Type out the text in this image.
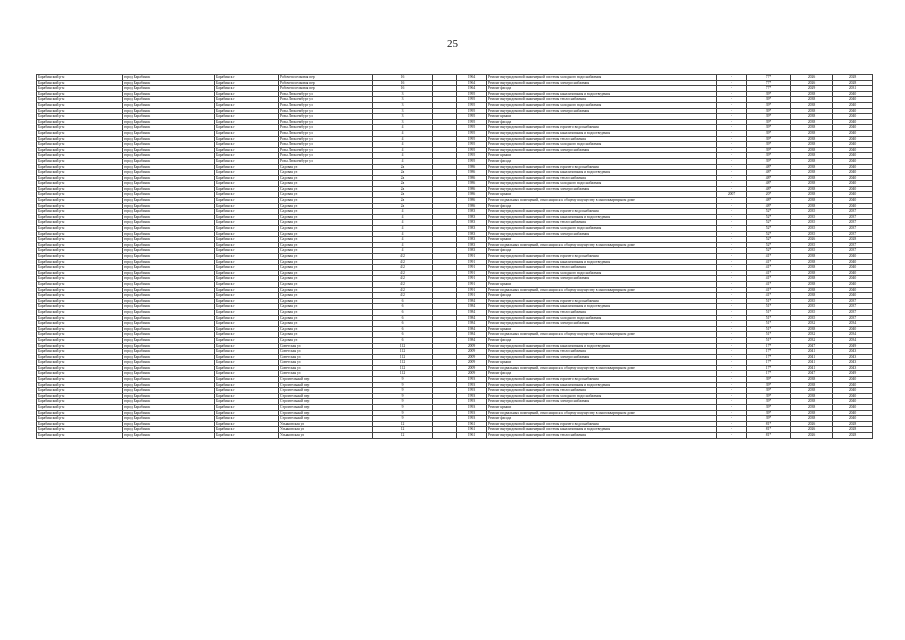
25
Барабинский р-н	город Барабинск	Барабинск г	Рабочепоселковая пер	16		1964	Ремонт внутридомовой инженерной системы холодного водоснабжения	-	77*	2026	2028
Барабинский р-н	город Барабинск	Барабинск г	Рабочепоселковая пер	16		1964	Ремонт внутридомовой инженерной системы электроснабжения	-	77*	2026	2028
Барабинский р-н	город Барабинск	Барабинск г	Рабочепоселковая пер	16		1964	Ремонт фасада	-	77*	2029	2031
Барабинский р-н	город Барабинск	Барабинск г	Розы Люксембург ул	3		1995	Ремонт внутридомовой инженерной системы канализования и водоотведения	-	39*	2038	2040
Барабинский р-н	город Барабинск	Барабинск г	Розы Люксембург ул	3		1995	Ремонт внутридомовой инженерной системы теплоснабжения	-	39*	2038	2040
Барабинский р-н	город Барабинск	Барабинск г	Розы Люксембург ул	3		1995	Ремонт внутридомовой инженерной системы холодного водоснабжения	-	39*	2038	2040
Барабинский р-н	город Барабинск	Барабинск г	Розы Люксембург ул	3		1995	Ремонт внутридомовой инженерной системы электроснабжения	-	39*	2038	2040
Барабинский р-н	город Барабинск	Барабинск г	Розы Люксембург ул	3		1995	Ремонт крыши	-	39*	2038	2040
Барабинский р-н	город Барабинск	Барабинск г	Розы Люксембург ул	3		1995	Ремонт фасада	-	39*	2038	2040
Барабинский р-н	город Барабинск	Барабинск г	Розы Люксембург ул	4		1995	Ремонт внутридомовой инженерной системы горячего водоснабжения	-	39*	2038	2040
Барабинский р-н	город Барабинск	Барабинск г	Розы Люксембург ул	4		1995	Ремонт внутридомовой инженерной системы канализования и водоотведения	-	39*	2038	2040
Барабинский р-н	город Барабинск	Барабинск г	Розы Люксембург ул	4		1995	Ремонт внутридомовой инженерной системы теплоснабжения	-	39*	2038	2040
Барабинский р-н	город Барабинск	Барабинск г	Розы Люксембург ул	4		1995	Ремонт внутридомовой инженерной системы холодного водоснабжения	-	39*	2038	2040
Барабинский р-н	город Барабинск	Барабинск г	Розы Люксембург ул	4		1995	Ремонт внутридомовой инженерной системы электроснабжения	-	39*	2038	2040
Барабинский р-н	город Барабинск	Барабинск г	Розы Люксембург ул	4		1995	Ремонт крыши	-	39*	2038	2040
Барабинский р-н	город Барабинск	Барабинск г	Розы Люксембург ул	4		1995	Ремонт фасада	-	39*	2038	2040
Барабинский р-н	город Барабинск	Барабинск г	Садовая ул	2а		1986	Ремонт внутридомовой инженерной системы горячего водоснабжения	-	48*	2038	2040
Барабинский р-н	город Барабинск	Барабинск г	Садовая ул	2а		1986	Ремонт внутридомовой инженерной системы канализования и водоотведения	-	48*	2038	2040
Барабинский р-н	город Барабинск	Барабинск г	Садовая ул	2а		1986	Ремонт внутридомовой инженерной системы теплоснабжения	-	48*	2038	2040
Барабинский р-н	город Барабинск	Барабинск г	Садовая ул	2а		1986	Ремонт внутридомовой инженерной системы холодного водоснабжения	-	48*	2038	2040
Барабинский р-н	город Барабинск	Барабинск г	Садовая ул	2а		1986	Ремонт внутридомовой инженерной системы электроснабжения	-	48*	2038	2040
Барабинский р-н	город Барабинск	Барабинск г	Садовая ул	2а		1986	Ремонт крыши	2007	20*	2038	2040
Барабинский р-н	город Барабинск	Барабинск г	Садовая ул	2а		1986	Ремонт подвальных помещений, относящихся к общему имуществу в многоквартирном доме	-	48*	2038	2040
Барабинский р-н	город Барабинск	Барабинск г	Садовая ул	2а		1986	Ремонт фасада	-	48*	2038	2040
Барабинский р-н	город Барабинск	Барабинск г	Садовая ул	4		1983	Ремонт внутридомовой инженерной системы горячего водоснабжения	-	52*	2035	2037
Барабинский р-н	город Барабинск	Барабинск г	Садовая ул	4		1983	Ремонт внутридомовой инженерной системы канализования и водоотведения	-	52*	2035	2037
Барабинский р-н	город Барабинск	Барабинск г	Садовая ул	4		1983	Ремонт внутридомовой инженерной системы теплоснабжения	-	52*	2035	2037
Барабинский р-н	город Барабинск	Барабинск г	Садовая ул	4		1983	Ремонт внутридомовой инженерной системы холодного водоснабжения	-	52*	2035	2037
Барабинский р-н	город Барабинск	Барабинск г	Садовая ул	4		1983	Ремонт внутридомовой инженерной системы электроснабжения	-	52*	2035	2037
Барабинский р-н	город Барабинск	Барабинск г	Садовая ул	4		1983	Ремонт крыши	-	52*	2026	2028
Барабинский р-н	город Барабинск	Барабинск г	Садовая ул	4		1983	Ремонт подвальных помещений, относящихся к общему имуществу в многоквартирном доме	-	52*	2035	2037
Барабинский р-н	город Барабинск	Барабинск г	Садовая ул	4		1983	Ремонт фасада	-	52*	2035	2037
Барабинский р-н	город Барабинск	Барабинск г	Садовая ул	4/2		1991	Ремонт внутридомовой инженерной системы горячего водоснабжения	-	41*	2038	2040
Барабинский р-н	город Барабинск	Барабинск г	Садовая ул	4/2		1991	Ремонт внутридомовой инженерной системы канализования и водоотведения	-	41*	2038	2040
Барабинский р-н	город Барабинск	Барабинск г	Садовая ул	4/2		1991	Ремонт внутридомовой инженерной системы теплоснабжения	-	41*	2038	2040
Барабинский р-н	город Барабинск	Барабинск г	Садовая ул	4/2		1991	Ремонт внутридомовой инженерной системы холодного водоснабжения	-	41*	2038	2040
Барабинский р-н	город Барабинск	Барабинск г	Садовая ул	4/2		1991	Ремонт внутридомовой инженерной системы электроснабжения	-	41*	2038	2040
Барабинский р-н	город Барабинск	Барабинск г	Садовая ул	4/2		1991	Ремонт крыши	-	41*	2038	2040
Барабинский р-н	город Барабинск	Барабинск г	Садовая ул	4/2		1991	Ремонт подвальных помещений, относящихся к общему имуществу в многоквартирном доме	-	41*	2038	2040
Барабинский р-н	город Барабинск	Барабинск г	Садовая ул	4/2		1991	Ремонт фасада	-	41*	2038	2040
Барабинский р-н	город Барабинск	Барабинск г	Садовая ул	6		1984	Ремонт внутридомовой инженерной системы горячего водоснабжения	-	51*	2035	2037
Барабинский р-н	город Барабинск	Барабинск г	Садовая ул	6		1984	Ремонт внутридомовой инженерной системы канализования и водоотведения	-	51*	2035	2037
Барабинский р-н	город Барабинск	Барабинск г	Садовая ул	6		1984	Ремонт внутридомовой инженерной системы теплоснабжения	-	51*	2035	2037
Барабинский р-н	город Барабинск	Барабинск г	Садовая ул	6		1984	Ремонт внутридомовой инженерной системы холодного водоснабжения	-	51*	2035	2037
Барабинский р-н	город Барабинск	Барабинск г	Садовая ул	6		1984	Ремонт внутридомовой инженерной системы электроснабжения	-	51*	2032	2034
Барабинский р-н	город Барабинск	Барабинск г	Садовая ул	6		1984	Ремонт крыши	-	51*	2038	2040
Барабинский р-н	город Барабинск	Барабинск г	Садовая ул	6		1984	Ремонт подвальных помещений, относящихся к общему имуществу в многоквартирном доме	-	51*	2032	2034
Барабинский р-н	город Барабинск	Барабинск г	Садовая ул	6		1984	Ремонт фасада	-	51*	2032	2034
Барабинский р-н	город Барабинск	Барабинск г	Советская ул	112		2009	Ремонт внутридомовой инженерной системы канализования и водоотведения	-	17*	2047	2049
Барабинский р-н	город Барабинск	Барабинск г	Советская ул	112		2009	Ремонт внутридомовой инженерной системы теплоснабжения	-	17*	2041	2043
Барабинский р-н	город Барабинск	Барабинск г	Советская ул	112		2009	Ремонт внутридомовой инженерной системы электроснабжения	-	17*	2041	2043
Барабинский р-н	город Барабинск	Барабинск г	Советская ул	112		2009	Ремонт крыши	-	17*	2041	2043
Барабинский р-н	город Барабинск	Барабинск г	Советская ул	112		2009	Ремонт подвальных помещений, относящихся к общему имуществу в многоквартирном доме	-	17*	2041	2043
Барабинский р-н	город Барабинск	Барабинск г	Советская ул	112		2009	Ремонт фасада	-	17*	2047	2049
Барабинский р-н	город Барабинск	Барабинск г	Строительный пер	9		1993	Ремонт внутридомовой инженерной системы горячего водоснабжения	-	39*	2038	2040
Барабинский р-н	город Барабинск	Барабинск г	Строительный пер	9		1993	Ремонт внутридомовой инженерной системы канализования и водоотведения	-	39*	2038	2040
Барабинский р-н	город Барабинск	Барабинск г	Строительный пер	9		1993	Ремонт внутридомовой инженерной системы теплоснабжения	-	39*	2038	2040
Барабинский р-н	город Барабинск	Барабинск г	Строительный пер	9		1993	Ремонт внутридомовой инженерной системы холодного водоснабжения	-	39*	2038	2040
Барабинский р-н	город Барабинск	Барабинск г	Строительный пер	9		1993	Ремонт внутридомовой инженерной системы электроснабжения	-	39*	2038	2040
Барабинский р-н	город Барабинск	Барабинск г	Строительный пер	9		1993	Ремонт крыши	-	39*	2038	2040
Барабинский р-н	город Барабинск	Барабинск г	Строительный пер	9		1993	Ремонт подвальных помещений, относящихся к общему имуществу в многоквартирном доме	-	39*	2038	2040
Барабинский р-н	город Барабинск	Барабинск г	Строительный пер	9		1993	Ремонт фасада	-	39*	2038	2040
Барабинский р-н	город Барабинск	Барабинск г	Ульяновская ул	12		1961	Ремонт внутридомовой инженерной системы горячего водоснабжения	-	81*	2026	2028
Барабинский р-н	город Барабинск	Барабинск г	Ульяновская ул	12		1961	Ремонт внутридомовой инженерной системы канализования и водоотведения	-	81*	2026	2028
Барабинский р-н	город Барабинск	Барабинск г	Ульяновская ул	12		1961	Ремонт внутридомовой инженерной системы теплоснабжения	-	81*	2026	2028
